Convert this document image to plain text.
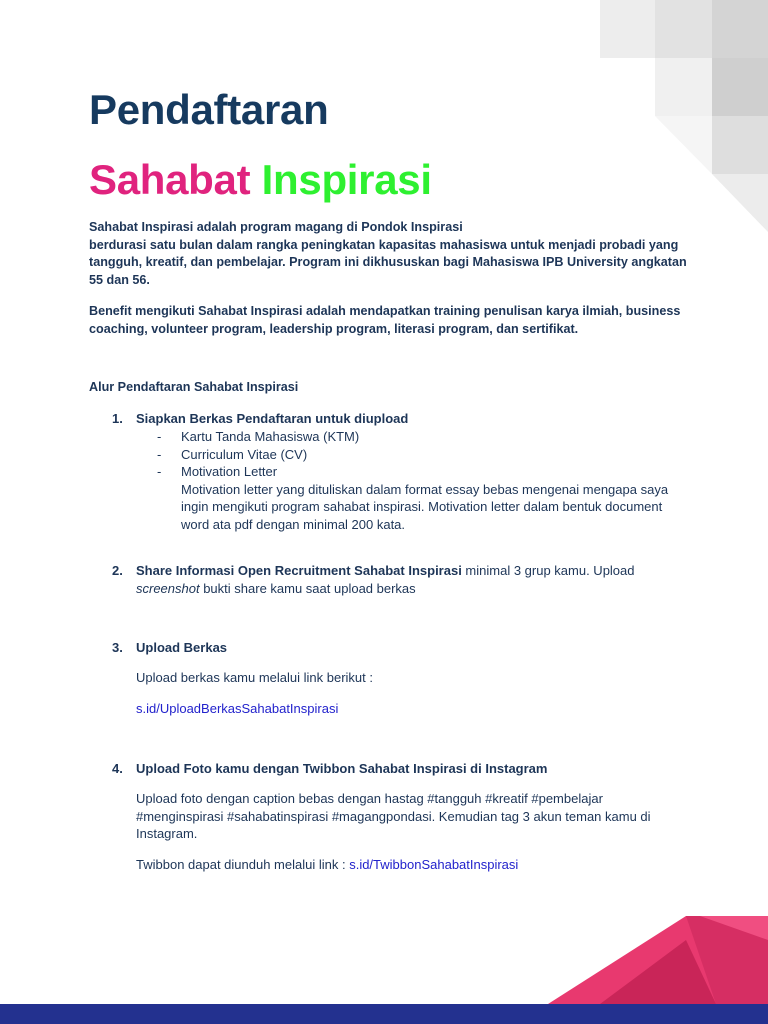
Pendaftaran
Sahabat Inspirasi

Sahabat Inspirasi adalah program magang di Pondok Inspirasi
berdurasi satu bulan dalam rangka peningkatan kapasitas mahasiswa untuk menjadi probadi yang tangguh, kreatif, dan pembelajar. Program ini dikhususkan bagi Mahasiswa IPB University angkatan 55 dan 56.

Benefit mengikuti Sahabat Inspirasi adalah mendapatkan training penulisan karya ilmiah, business coaching, volunteer program, leadership program, literasi program, dan sertifikat.

Alur Pendaftaran Sahabat Inspirasi

1. Siapkan Berkas Pendaftaran untuk diupload

- Kartu Tanda Mahasiswa (KTM)
- Curriculum Vitae (CV)
- Motivation Letter
Motivation letter yang dituliskan dalam format essay bebas mengenai mengapa saya ingin mengikuti program sahabat inspirasi. Motivation letter dalam bentuk document word ata pdf dengan minimal 200 kata.
2. Share Informasi Open Recruitment Sahabat Inspirasi minimal 3 grup kamu. Upload screenshot bukti share kamu saat upload berkas

3. Upload Berkas

Upload berkas kamu melalui link berikut :

s.id/UploadBerkasSahabatInspirasi

4. Upload Foto kamu dengan Twibbon Sahabat Inspirasi di Instagram

Upload foto dengan caption bebas dengan hastag #tangguh #kreatif #pembelajar #menginspirasi #sahabatinspirasi #magangpondasi. Kemudian tag 3 akun teman kamu di Instagram.

Twibbon dapat diunduh melalui link : s.id/TwibbonSahabatInspirasi
